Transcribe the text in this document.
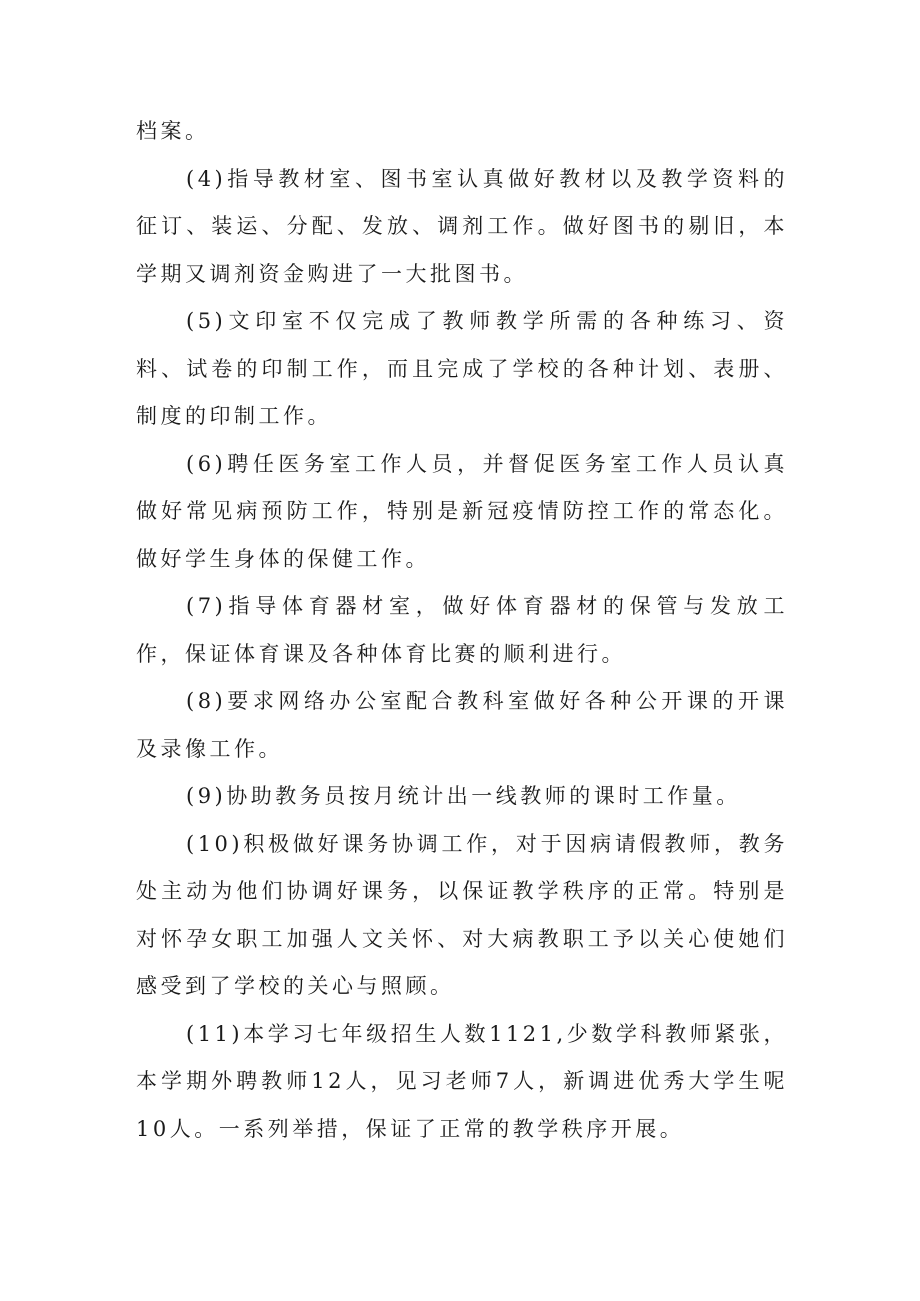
档案。

(4)指导教材室、图书室认真做好教材以及教学资料的征订、装运、分配、发放、调剂工作。做好图书的剔旧，本学期又调剂资金购进了一大批图书。

(5)文印室不仅完成了教师教学所需的各种练习、资料、试卷的印制工作，而且完成了学校的各种计划、表册、制度的印制工作。

(6)聘任医务室工作人员，并督促医务室工作人员认真做好常见病预防工作，特别是新冠疫情防控工作的常态化。做好学生身体的保健工作。

(7)指导体育器材室，做好体育器材的保管与发放工作，保证体育课及各种体育比赛的顺利进行。

(8)要求网络办公室配合教科室做好各种公开课的开课及录像工作。

(9)协助教务员按月统计出一线教师的课时工作量。

(10)积极做好课务协调工作，对于因病请假教师，教务处主动为他们协调好课务，以保证教学秩序的正常。特别是对怀孕女职工加强人文关怀、对大病教职工予以关心使她们感受到了学校的关心与照顾。

(11)本学习七年级招生人数1121,少数学科教师紧张，本学期外聘教师12人，见习老师7人，新调进优秀大学生呢10人。一系列举措，保证了正常的教学秩序开展。
